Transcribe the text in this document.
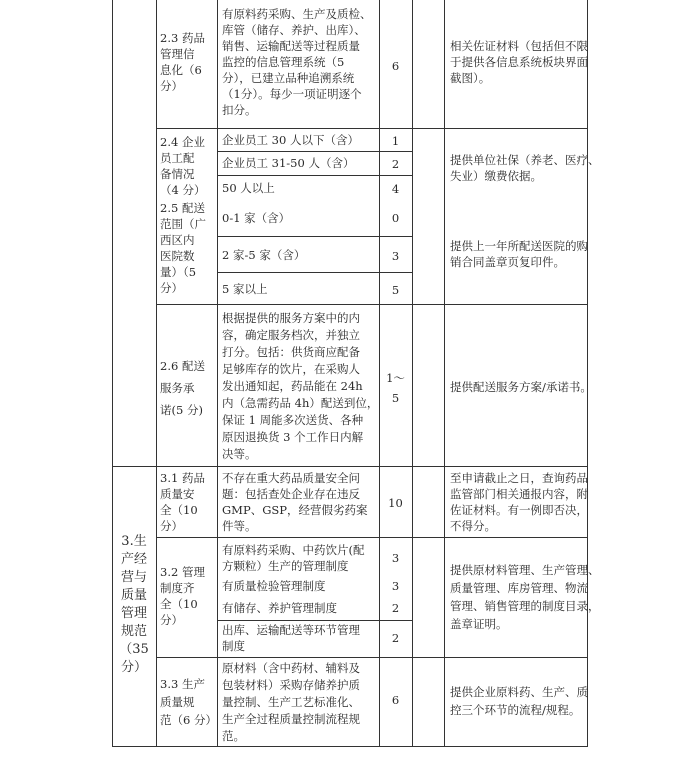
2.3 药品
管理信
息化（6
分）
有原料药采购、生产及质检、
库管（储存、养护、出库）、
销售、运输配送等过程质量
监控的信息管理系统（5
分），已建立品种追溯系统
（1分）。每少一项证明逐个
扣分。
6
相关佐证材料（包括但不限
于提供各信息系统板块界面
截图）。
2.4 企业
员工配
备情况
（4 分）
企业员工 30 人以下（含）
企业员工 31-50 人（含）
50 人以上
1
2
4
提供单位社保（养老、医疗、
失业）缴费依据。
2.5 配送
范围（广
西区内
医院数
量）（5
分）
0-1 家（含）
2 家-5 家（含）
5 家以上
0
3
5
提供上一年所配送医院的购
销合同盖章页复印件。
2.6 配送
服务承
诺(5 分)
根据提供的服务方案中的内
容，确定服务档次，并独立
打分。包括：供货商应配备
足够库存的饮片，在采购人
发出通知起，药品能在 24h
内（急需药品 4h）配送到位，
保证 1 周能多次送货、各种
原因退换货 3 个工作日内解
决等。
1～
5
提供配送服务方案/承诺书。
3.生
产经
营与
质量
管理
规范
（35
分）
3.1 药品
质量安
全（10
分）
不存在重大药品质量安全问
题：包括查处企业存在违反
GMP、GSP，经营假劣药案
件等。
10
至申请截止之日，查询药品
监管部门相关通报内容，附
佐证材料。有一例即否决，
不得分。
3.2 管理
制度齐
全（10
分）
有原料药采购、中药饮片(配
方颗粒）生产的管理制度
有质量检验管理制度
有储存、养护管理制度
出库、运输配送等环节管理
制度
3
3
2
2
提供原材料管理、生产管理、
质量管理、库房管理、物流
管理、销售管理的制度目录，
盖章证明。
3.3 生产
质量规
范（6 分）
原材料（含中药材、辅料及
包装材料）采购存储养护质
量控制、生产工艺标准化、
生产全过程质量控制流程规
范。
6
提供企业原料药、生产、质
控三个环节的流程/规程。
